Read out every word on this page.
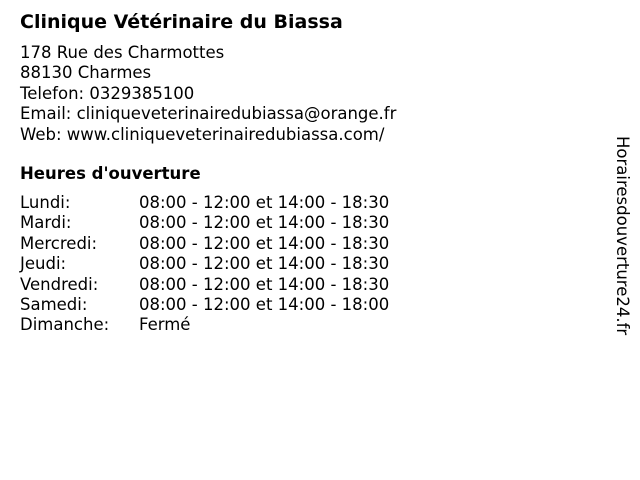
Clinique Vétérinaire du Biassa
178 Rue des Charmottes
88130 Charmes
Telefon: 0329385100
Email: cliniqueveterinairedubiassa@orange.fr
Web: www.cliniqueveterinairedubiassa.com/
Heures d'ouverture
Lundi:	08:00 - 12:00 et 14:00 - 18:30
Mardi:	08:00 - 12:00 et 14:00 - 18:30
Mercredi:	08:00 - 12:00 et 14:00 - 18:30
Jeudi:	08:00 - 12:00 et 14:00 - 18:30
Vendredi:	08:00 - 12:00 et 14:00 - 18:30
Samedi:	08:00 - 12:00 et 14:00 - 18:00
Dimanche:	Fermé	Horairesdouverture24.fr
